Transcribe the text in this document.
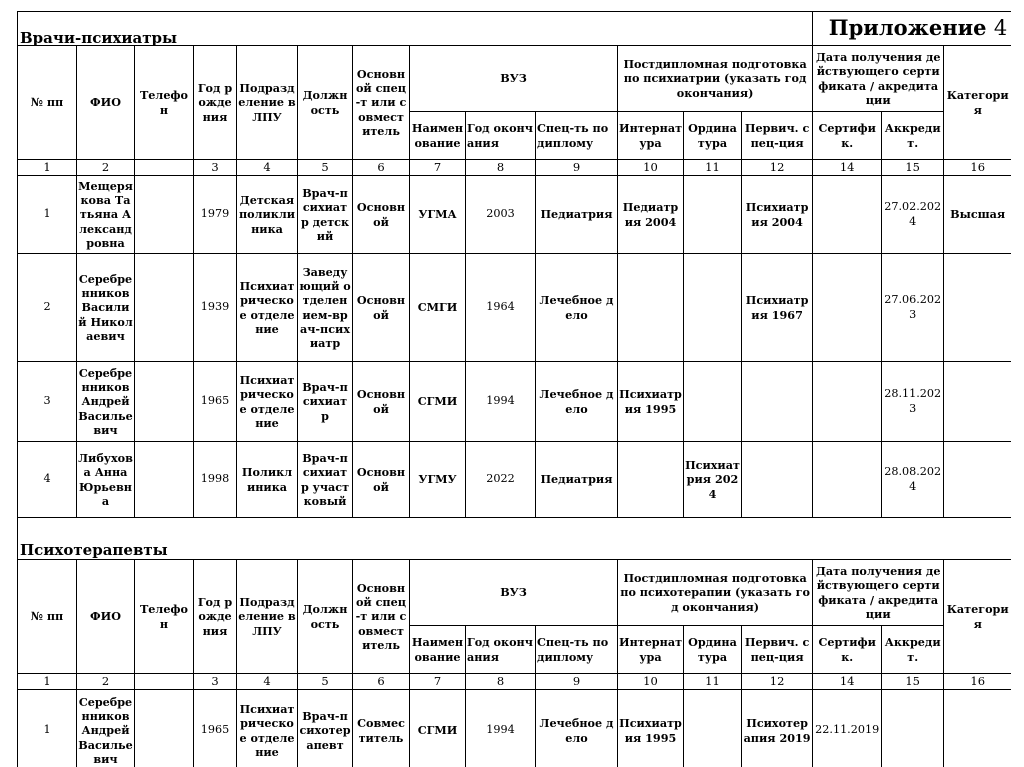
Врачи-психиатры													Приложение 4		
№ пп	ФИО	Телефон	Год рождения	Подразделение в ЛПУ	Должность	Основной спец-т или совместитель	ВУЗ			Постдипломная подготовка по психиатрии (указать год окончания)			Дата получения действующего сертификата / акредитации		Категория
							Наименование	Год окончания	Спец-ть по диплому	Интернатура	Ординатура	Первич. спец-ция	Сертифик.	Аккредит.	
1	2		3	4	5	6	7	8	9	10	11	12	14	15	16
1	Мещерякова Татьяна Александровна		1979	Детская поликлиника	Врач-психиатр детский	Основной	УГМА	2003	Педиатрия	Педиатрия 2004		Психиатрия 2004		27.02.2024	Высшая
2	Серебренников Василий Николаевич		1939	Психиатрическое отделение	Заведующий отделением-врач-психиатр	Основной	СМГИ	1964	Лечебное дело			Психиатрия 1967		27.06.2023	
3	Серебренников Андрей Васильевич		1965	Психиатрическое отделение	Врач-психиатр	Основной	СГМИ	1994	Лечебное дело	Психиатрия 1995				28.11.2023	
4	Либухова Анна Юрьевна		1998	Поликлиника	Врач-психиатр участковый	Основной	УГМУ	2022	Педиатрия		Психиатрия 2024			28.08.2024	
Психотерапевты															
№ пп	ФИО	Телефон	Год рождения	Подразделение в ЛПУ	Должность	Основной спец-т или совместитель	ВУЗ			Постдипломная подготовка по психотерапии (указать год окончания)			Дата получения действующего сертификата / акредитации		Категория
							Наименование	Год окончания	Спец-ть по диплому	Интернатура	Ординатура	Первич. спец-ция	Сертифик.	Аккредит.	
1	2		3	4	5	6	7	8	9	10	11	12	14	15	16
1	Серебренников Андрей Васильевич		1965	Психиатрическое отделение	Врач-психотерапевт	Совместитель	СГМИ	1994	Лечебное дело	Психиатрия 1995		Психотерапия 2019	22.11.2019		
